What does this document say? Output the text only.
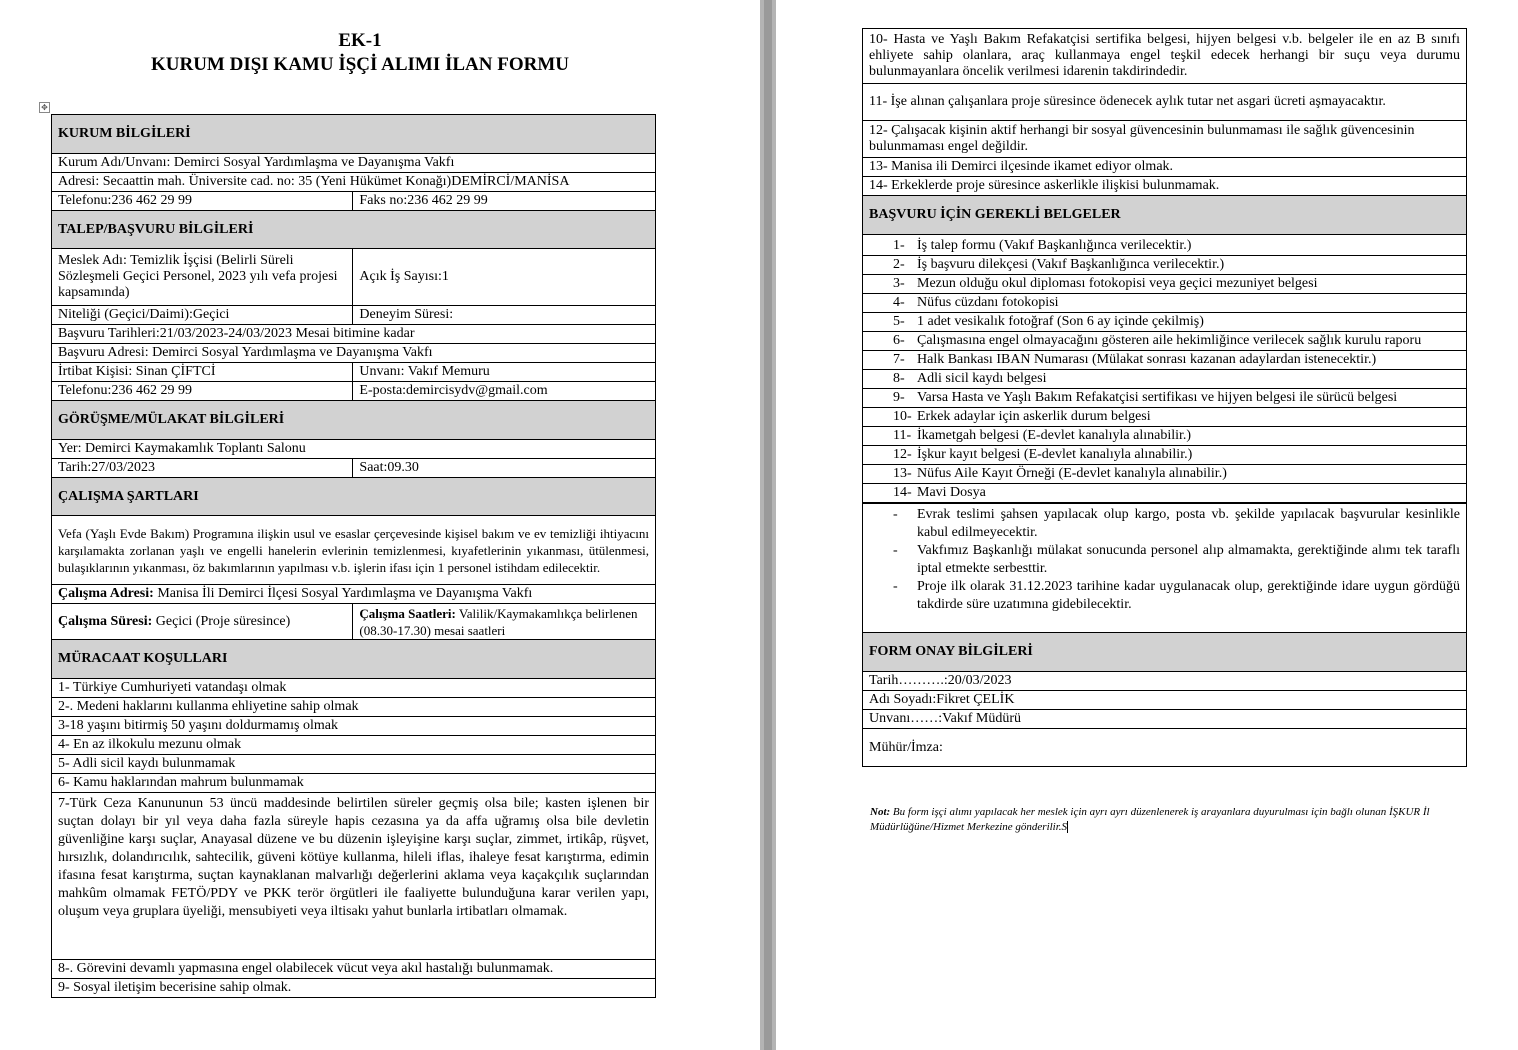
EK-1
KURUM DIŞI KAMU İŞÇİ ALIMI İLAN FORMU
✥
KURUM BİLGİLERİ	
Kurum Adı/Unvanı: Demirci Sosyal Yardımlaşma ve Dayanışma Vakfı	
Adresi: Secaattin mah. Üniversite cad. no: 35 (Yeni Hükümet Konağı)DEMİRCİ/MANİSA	
Telefonu:236 462 29 99	Faks no:236 462 29 99
TALEP/BAŞVURU BİLGİLERİ	
Meslek Adı: Temizlik İşçisi (Belirli Süreli Sözleşmeli Geçici Personel, 2023 yılı vefa projesi kapsamında)	Açık İş Sayısı:1
Niteliği (Geçici/Daimi):Geçici	Deneyim Süresi:
Başvuru Tarihleri:21/03/2023-24/03/2023 Mesai bitimine kadar	
Başvuru Adresi: Demirci Sosyal Yardımlaşma ve Dayanışma Vakfı	
İrtibat Kişisi: Sinan ÇİFTCİ	Unvanı: Vakıf Memuru
Telefonu:236 462 29 99	E-posta:demircisydv@gmail.com
GÖRÜŞME/MÜLAKAT BİLGİLERİ	
Yer: Demirci Kaymakamlık Toplantı Salonu	
Tarih:27/03/2023	Saat:09.30
ÇALIŞMA ŞARTLARI	
Vefa (Yaşlı Evde Bakım) Programına ilişkin usul ve esaslar çerçevesinde kişisel bakım ve ev temizliği ihtiyacını karşılamakta zorlanan yaşlı ve engelli hanelerin evlerinin temizlenmesi, kıyafetlerinin yıkanması, ütülenmesi, bulaşıklarının yıkanması, öz bakımlarının yapılması v.b. işlerin ifası için 1 personel istihdam edilecektir.	
Çalışma Adresi: Manisa İli Demirci İlçesi Sosyal Yardımlaşma ve Dayanışma Vakfı	
Çalışma Süresi: Geçici (Proje süresince)	Çalışma Saatleri: Valilik/Kaymakamlıkça belirlenen (08.30-17.30) mesai saatleri
MÜRACAAT KOŞULLARI	
1- Türkiye Cumhuriyeti vatandaşı olmak	
2-. Medeni haklarını kullanma ehliyetine sahip olmak	
3-18 yaşını bitirmiş 50 yaşını doldurmamış olmak	
4- En az ilkokulu mezunu olmak	
5- Adli sicil kaydı bulunmamak	
6- Kamu haklarından mahrum bulunmamak	
7-Türk Ceza Kanununun 53 üncü maddesinde belirtilen süreler geçmiş olsa bile; kasten işlenen bir suçtan dolayı bir yıl veya daha fazla süreyle hapis cezasına ya da affa uğramış olsa bile devletin güvenliğine karşı suçlar, Anayasal düzene ve bu düzenin işleyişine karşı suçlar, zimmet, irtikâp, rüşvet, hırsızlık, dolandırıcılık, sahtecilik, güveni kötüye kullanma, hileli iflas, ihaleye fesat karıştırma, edimin ifasına fesat karıştırma, suçtan kaynaklanan malvarlığı değerlerini aklama veya kaçakçılık suçlarından mahkûm olmamak FETÖ/PDY ve PKK terör örgütleri ile faaliyette bulunduğuna karar verilen yapı, oluşum veya gruplara üyeliği, mensubiyeti veya iltisakı yahut bunlarla irtibatları olmamak.	
8-. Görevini devamlı yapmasına engel olabilecek vücut veya akıl hastalığı bulunmamak.	
9- Sosyal iletişim becerisine sahip olmak.	
10- Hasta ve Yaşlı Bakım Refakatçisi sertifika belgesi, hijyen belgesi v.b. belgeler ile en az B sınıfı ehliyete sahip olanlara, araç kullanmaya engel teşkil edecek herhangi bir suçu veya durumu bulunmayanlara öncelik verilmesi idarenin takdirindedir.
11- İşe alınan çalışanlara proje süresince ödenecek aylık tutar net asgari ücreti aşmayacaktır.
12- Çalışacak kişinin aktif herhangi bir sosyal güvencesinin bulunmaması ile sağlık güvencesinin bulunmaması engel değildir.
13- Manisa ili Demirci ilçesinde ikamet ediyor olmak.
14- Erkeklerde proje süresince askerlikle ilişkisi bulunmamak.
BAŞVURU İÇİN GEREKLİ BELGELER

1- İş talep formu (Vakıf Başkanlığınca verilecektir.)
2- İş başvuru dilekçesi (Vakıf Başkanlığınca verilecektir.)
3- Mezun olduğu okul diploması fotokopisi veya geçici mezuniyet belgesi
4- Nüfus cüzdanı fotokopisi
5- 1 adet vesikalık fotoğraf (Son 6 ay içinde çekilmiş)
6- Çalışmasına engel olmayacağını gösteren aile hekimliğince verilecek sağlık kurulu raporu
7- Halk Bankası IBAN Numarası (Mülakat sonrası kazanan adaylardan istenecektir.)
8- Adli sicil kaydı belgesi
9- Varsa Hasta ve Yaşlı Bakım Refakatçisi sertifikası ve hijyen belgesi ile sürücü belgesi
10- Erkek adaylar için askerlik durum belgesi
11- İkametgah belgesi (E-devlet kanalıyla alınabilir.)
12- İşkur kayıt belgesi (E-devlet kanalıyla alınabilir.)
13- Nüfus Aile Kayıt Örneği (E-devlet kanalıyla alınabilir.)
14- Mavi Dosya

-	Evrak teslimi şahsen yapılacak olup kargo, posta vb. şekilde yapılacak başvurular kesinlikle kabul edilmeyecektir.
-	Vakfımız Başkanlığı mülakat sonucunda personel alıp almamakta, gerektiğinde alımı tek taraflı iptal etmekte serbesttir.
-	Proje ilk olarak 31.12.2023 tarihine kadar uygulanacak olup, gerektiğinde idare uygun gördüğü takdirde süre uzatımına gidebilecektir.

FORM ONAY BİLGİLERİ
Tarih……….:20/03/2023
Adı Soyadı:Fikret ÇELİK
Unvanı……:Vakıf Müdürü
Mühür/İmza:
Not: Bu form işçi alımı yapılacak her meslek için ayrı ayrı düzenlenerek iş arayanlara duyurulması için bağlı olunan İŞKUR İl Müdürlüğüne/Hizmet Merkezine gönderilir.S
